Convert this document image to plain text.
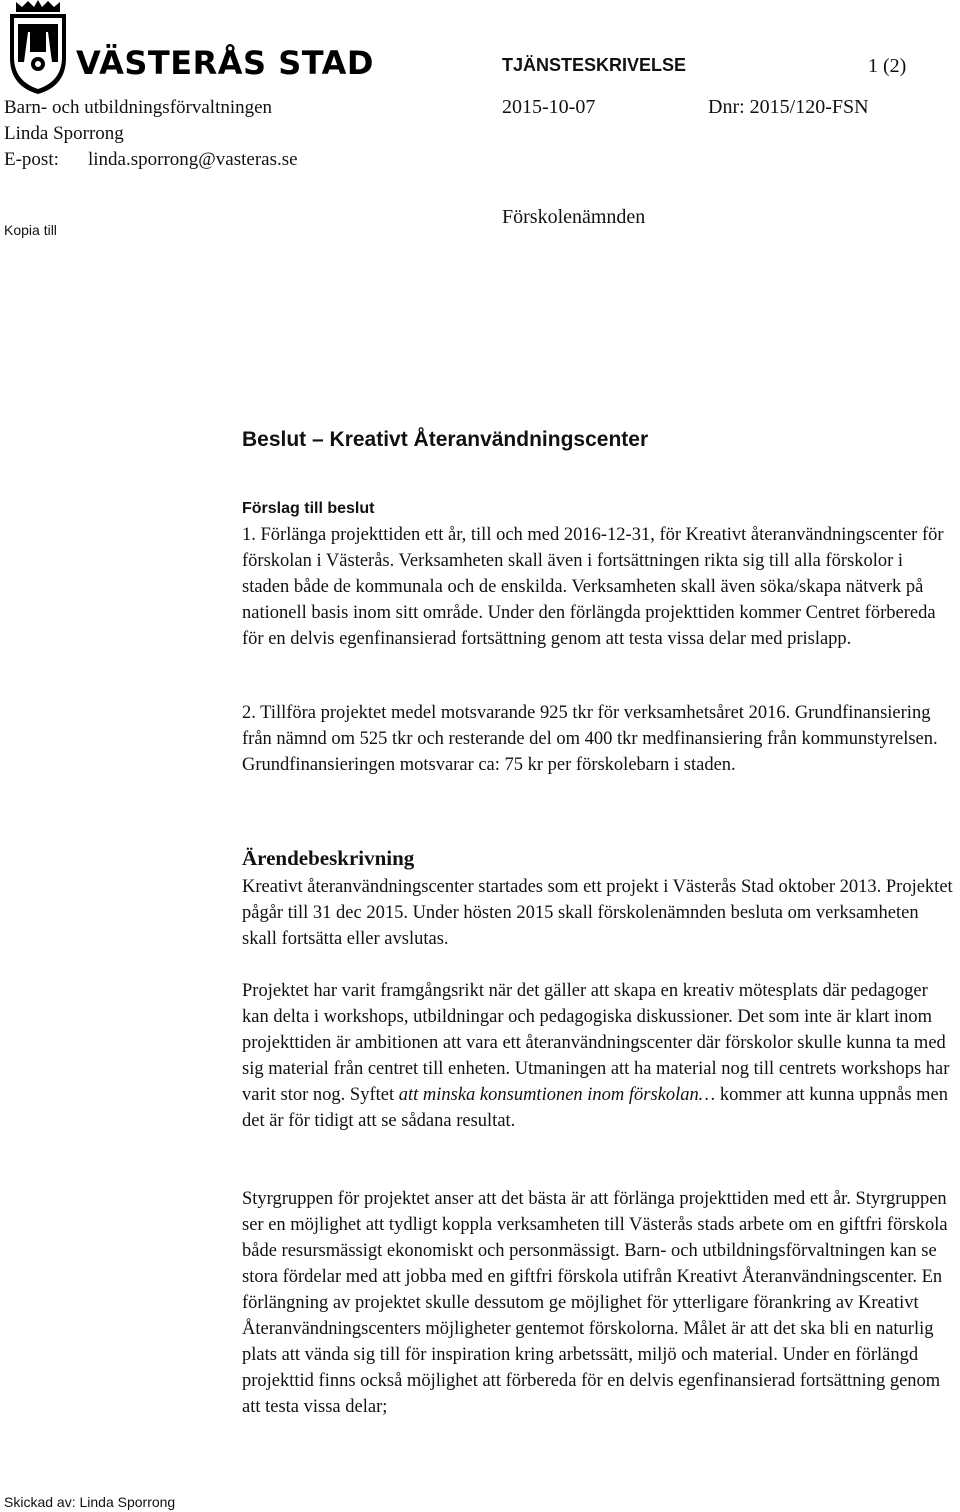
VÄSTERÅS STAD	TJÄNSTESKRIVELSE	1 (2)
2015-10-07	Dnr: 2015/120-FSN
Barn- och utbildningsförvaltningen
Linda Sporrong
E-post: linda.sporrong@vasteras.se
Kopia till
Förskolenämnden
Beslut – Kreativt Återanvändningscenter
Förslag till beslut

1. Förlänga projekttiden ett år, till och med 2016-12-31, för Kreativt återanvändningscenter för förskolan i Västerås. Verksamheten skall även i fortsättningen rikta sig till alla förskolor i staden både de kommunala och de enskilda. Verksamheten skall även söka/skapa nätverk på nationell basis inom sitt område. Under den förlängda projekttiden kommer Centret förbereda för en delvis egenfinansierad fortsättning genom att testa vissa delar med prislapp.

2. Tillföra projektet medel motsvarande 925 tkr för verksamhetsåret 2016. Grundfinansiering från nämnd om 525 tkr och resterande del om 400 tkr medfinansiering från kommunstyrelsen. Grundfinansieringen motsvarar ca: 75 kr per förskolebarn i staden.

Ärendebeskrivning

Kreativt återanvändningscenter startades som ett projekt i Västerås Stad oktober 2013. Projektet pågår till 31 dec 2015. Under hösten 2015 skall förskolenämnden besluta om verksamheten skall fortsätta eller avslutas.

Projektet har varit framgångsrikt när det gäller att skapa en kreativ mötesplats där pedagoger kan delta i workshops, utbildningar och pedagogiska diskussioner. Det som inte är klart inom projekttiden är ambitionen att vara ett återanvändningscenter där förskolor skulle kunna ta med sig material från centret till enheten. Utmaningen att ha material nog till centrets workshops har varit stor nog. Syftet att minska konsumtionen inom förskolan… kommer att kunna uppnås men det är för tidigt att se sådana resultat.

Styrgruppen för projektet anser att det bästa är att förlänga projekttiden med ett år. Styrgruppen ser en möjlighet att tydligt koppla verksamheten till Västerås stads arbete om en giftfri förskola både resursmässigt ekonomiskt och personmässigt. Barn- och utbildningsförvaltningen kan se stora fördelar med att jobba med en giftfri förskola utifrån Kreativt Återanvändningscenter. En förlängning av projektet skulle dessutom ge möjlighet för ytterligare förankring av Kreativt Återanvändningscenters möjligheter gentemot förskolorna. Målet är att det ska bli en naturlig plats att vända sig till för inspiration kring arbetssätt, miljö och material. Under en förlängd projekttid finns också möjlighet att förbereda för en delvis egenfinansierad fortsättning genom att testa vissa delar;

Skickad av: Linda Sporrong
